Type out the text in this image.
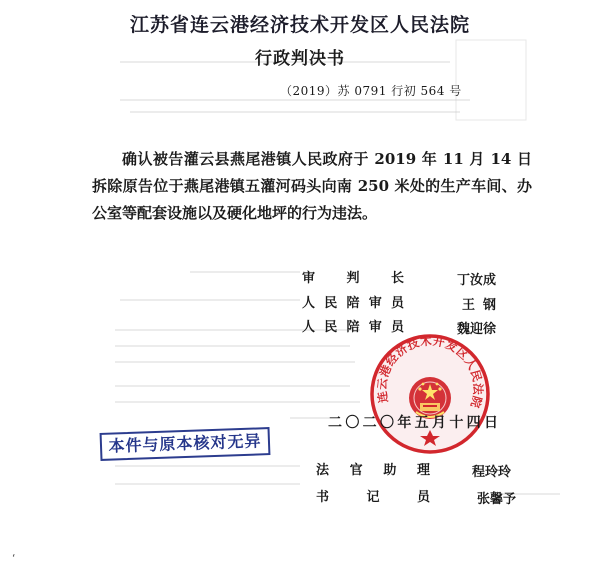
江苏省连云港经济技术开发区人民法院
行政判决书
（2019）苏 0791 行初 564 号
确认被告灌云县燕尾港镇人民政府于 2019 年 11 月 14 日拆除原告位于燕尾港镇五灌河码头向南 250 米处的生产车间、办公室等配套设施以及硬化地坪的行为违法。
审判长	丁汝成
人民陪审员	王钢
人民陪审员	魏迎徐
连云港经济技术开发区人民法院
二〇二〇年五月十四日
本件与原本核对无异
法官助理	程玲玲
书记员	张馨予
‘
